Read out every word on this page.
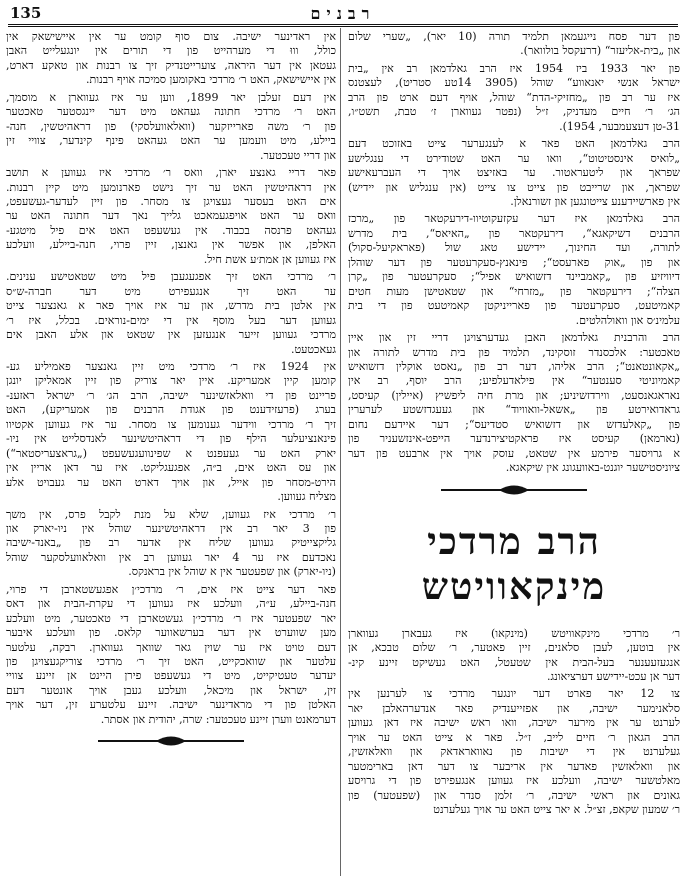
135	רבנים

פון דער פסח נייגעמאן תלמיד תורה (10 יאר), „שערי שלום
און „בית-אליעזר“ (דרעקסל בולוואר).

פון יאר 1933 ביז 1954 איז הרב גאלדמאן רב אין „בית
ישראל אנשי יאנאווע“ שוהל (3905 14טע סטריט), לעצטנס
איז ער רב פון „מחזיקי-הדת“ שוהל, אויף דעם ארט פון הרב
הג׳ ר׳ חיים מעדניק, ז״ל (נפטר געווארן ז׳ טבת, תשט״ו,
31-טן דעצעמבער, 1954).

הרב גאלדמאן האט פאר א לענגערער צייט באזוכט דעם
„לואיס אינסטיטוט“, וואו ער האט שטודירט די ענגלישע
שפראך און ליטעראטור. ער באזיצט אויך די העברעאישע
שפראך, און שרייבט פון צייט צו צייט (אין ענגליש און יידיש)
אין פארשיידענע צייטונגען און זשורנאלן.

הרב גאלדמאן איז דער עקזעקוטיוו-דירעקטאר פון „מרכז
הרבנים דשיקאגא“, דירעקטאר פון „האיאס“, בית מדרש
לתורה, ועד החינוך, יידישע טאג שול (פאראקיעל-סקול)
און פון „אוק פארעסט“; פינאנץ-סעקרעטער פון דער שוהלן
דיוויזיע פון „קאמביינד דזשואיש אפיל“; סעקרעטער פון „קרן
הצלה“; דירעקטאר פון „מזרחי“ און שטאטישן מעות חטים
קאמיטעט, סעקרעטער פון פארייניקטן קאמיטעט פון די בית
עלמינ׳ס און וואולהלטים.

הרב והרבנית גאלדמאן האבן געדערצויגן דריי זין און איין
טאכטער: אלכסנדר זוסקינד, תלמיד פון בית מדרש לתורה און
„אקאונטאנט“; הרב אליהו, דער רב פון „נאסט אוקלין דזשואיש
קאמיוניטי סענטער“ אין פילאדעלפיע; הרב יוסף, רב אין
נאראגאנסעט, ווירדזשיניע; און מרת חיה ליפשיץ (איילין) קעיסט,
גראדואירטע פון „אשאל-וואוויוד“ און געעגדזשטע לערערין
פון „קאלעדזש און דזשואיש סטדיעס“; דער איידעם נחום
(נארמאן) קעיסט איז פראקטיצירנדער הייפט-אינזשעניר פון
א גרויסער פירמע אין שטאט, עוסק אויך אין ארבעט פון דער
ציוניסטישער יוגנט-באוועגונג אין שיקאגא.

הרב מרדכי מינקאוויטש

ר׳ מרדכי מינקאוויטש (מינקאו) איז געבארן געווארן
אין בוטען, לעבן סלאנים, זיין פאטער, ר׳ שלום טבכא, אן
אנגעזעענער בעל-הבית אין שטעטל, האט געשיקט זיינע קינ-
דער אן עכט-יידישע דערציאונג.

צו 12 יאר פארט דער יונגער מרדכי צו לערנען אין
סלאנימער ישיבה, און אפזייענדיק פאר אנדערהאלבן יאר
לערנט ער אין מירער ישיבה, וואו ראש ישיבה איז דאן געווען
הרב הגאון ר׳ חיים לייב, ז״ל. פאר א צייט האט ער אויך
געלערנט אין די ישיבות פון נאוואראדאק און וואלאזשין,
און וואלאזשין פאדער אין אריבער צו דער דאן בארימטער
מאלטשער ישיבה, וועלכע איז געווען אנגעפירט פון די גרויסע
גאונים און ראשי ישיבה, ר׳ זלמן סנדר און (שפעטער) פון
ר׳ שמעון שקאפ, זצ״ל. א יאר צייט האט ער אויך געלערנט

אין ראדינער ישיבה. צום סוף קומט ער אין איישישאק אין
כולל, וווּ די מערהייט פון די תורים אין יונגעלייט האבן
געטאן אין דער היראה, צוערייטנדיק זיך צו רבנות און טאקע דארט,
אין איישישאק, האט ר׳ מרדכי באקומען סמיכה אויף רבנות.

אין דעם זעלבן יאר 1899, ווען ער איז געווארן א מוסמך,
האט ר׳ מרדכי חתונה געהאט מיט דער יינגסטער טאכטער
פון ר׳ משה פארייזקער (וואלאוועלסקי) פון דראהיטשין, חנה-
ביילע, מיט וועמען ער האט געהאט פינף קינדער, צוויי זין
און דריי טעכטער.

פאר דריי גאנצע יארן, וואס ר׳ מרדכי איז געווען א תושב
אין דראהיטשין האט ער זיך נישט פארנומען מיט קיין רבנות.
אים האט בעסער געצויגן צו מסחר. פון זיין לעדער-געשעפט,
וואס ער האט אויפגעמאכט גלייך נאך דער חתונה האט ער
געהאט פרנסה בכבוד. אין געשעפט האט אים פיל מיטגע-
האלפן, און אפשר אין גאנצן, זיין פרוי, חנה-ביילע, וועלכע
איז געווען אן אמת׳ע אשת חיל.

ר׳ מרדכי האט זיך אפגעגעבן פיל מיט שטאטישע ענינים.
ער האט זיך אנגעפירט מיט דער חברה-ש״ס
אין אלטן בית מדרש, און ער איז אויך פאר א גאנצער צייט
געווען דער בעל מוסף אין די ימים-נוראים. בכלל, איז ר׳
מרדכי געווען זייער אנגעזען אין שטאט און אלע האבן אים
געאכטעט.

אין 1924 איז ר׳ מרדכי מיט זיין גאנצער פאמיליע גע-
קומען קיין אמעריקע. איין יאר צוריק פון זיין אמאליקן יונגן
פריינט פון די וואלאזשינער ישיבה, הרב הג׳ ר׳ ישראל ראזענ-
בערג (פרעזידענט פון אגודת הרבנים פון אמעריקע), האט
זיך ר׳ מרדכי ווידער גענומען צו מסחר. ער איז געווען אקטיוו
פינאנציעלער הילף פון די דראהיטשינער לאנדסלייט אין ניו-
יארק האט ער געעפנט א שפינוועגעשעפט („גראצעריסטאר“)
און עס האט אים, ב״ה, אפגעגליקט. איז ער דאן אריין אין
הירט-מסחר פון אייל, און אויך דארט האט ער געבויט אלע
מצליח געווען.

ר׳ מרדכי איז געווען, שלא על מנת לקבל פרס, אין משך
פון 3 יאר רב אין דראהיטשינער שוהל אין ניו-יארק און
גליקצייטיק געווען שליח אין אדער רב פון „באנד-ישיבה
נאכדעם איז ער 4 יאר געווען רב אין וואלאוועלסקער שוהל
(ניו-יארק) און שפעטער אין א שוהל אין בראנקס.

פאר דער צייט איז אים, ר׳ מרדכי׳ן אפגעשטארבן די פרוי,
חנה-ביילע, ע״ה, וועלכע איז געווען די עקרת-הבית און דאס
יאר שפעטער איז ר׳ מרדכי׳ן געשטארבן די טאכטער, מיט וועלכע
מען שווערט אין דער בערשאווער קלאס. פון וועלכע איבער
דעם טויט איז ער שוין גאר שוואך געווארן. רבקה, עלטער
עלטער און שוואכקייט, האט זיך ר׳ מרדכי צוריקגעצויגן פון
יעדער טעטיקייט, מיט די געשעפט פירן היינט אן זיינע צוויי
זין, ישראל און מיכאל, וועלכע געבן אויך אונטער דעם
האלטן פון די מראדינער ישיבה. זיינע עלטערע זין, דער אויך
דערמאנט ווערן זיינע טעכטער: שרה, יהודית און אסתר.
